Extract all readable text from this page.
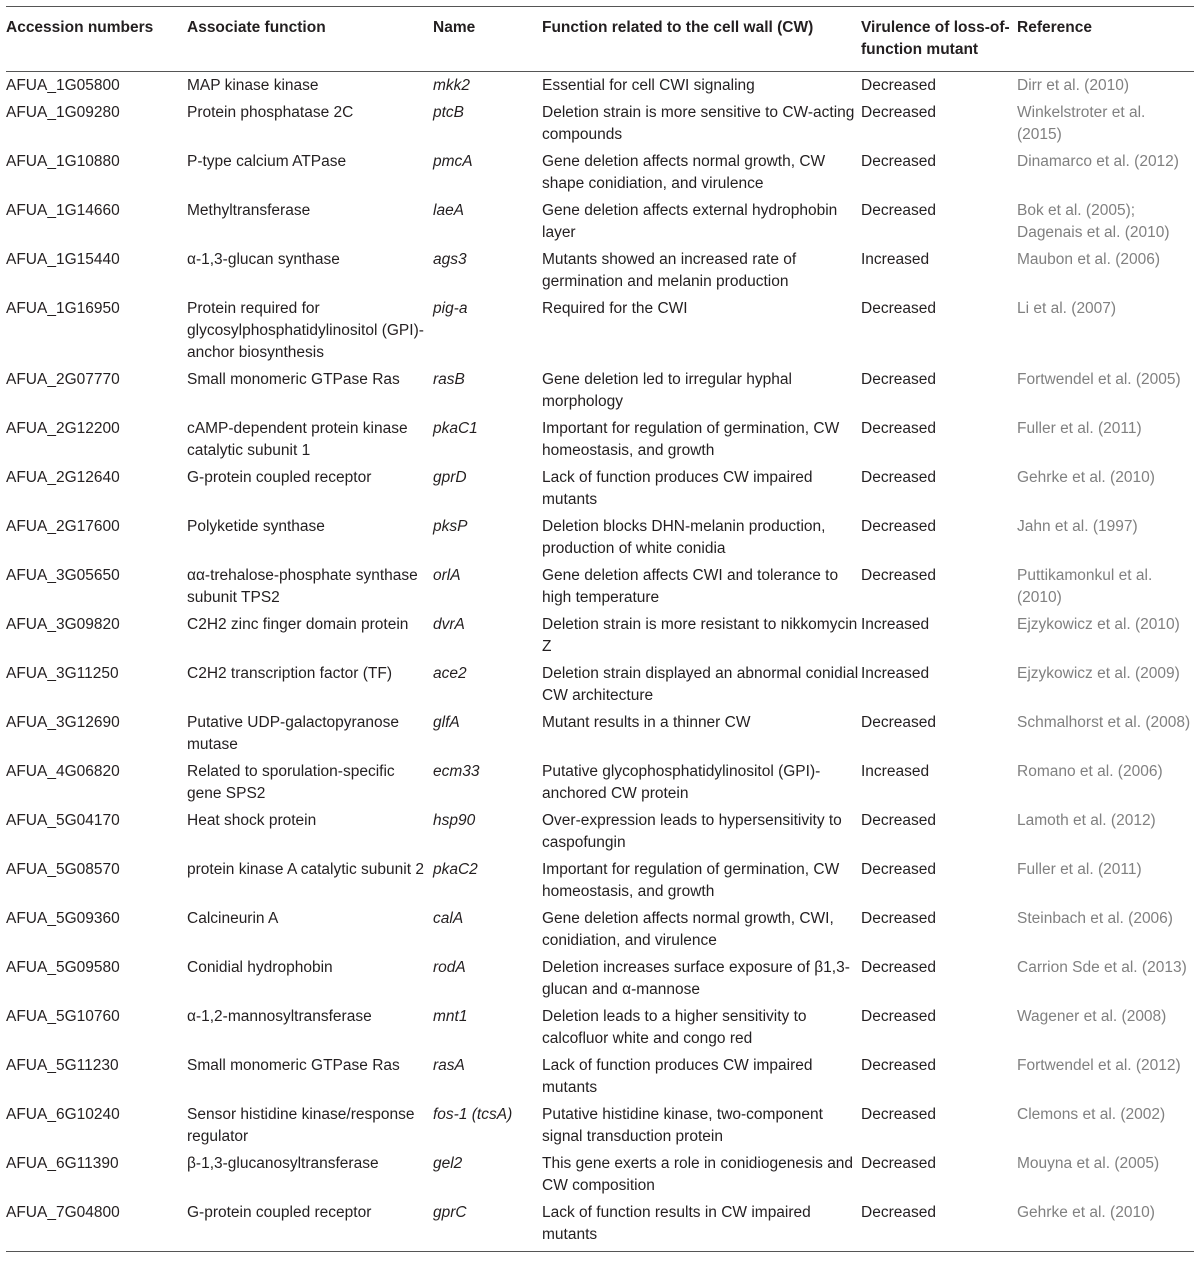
Accession numbers	Associate function	Name	Function related to the cell wall (CW)	Virulence of loss-of-function mutant	Reference
AFUA_1G05800	MAP kinase kinase	mkk2	Essential for cell CWI signaling	Decreased	Dirr et al. (2010)
AFUA_1G09280	Protein phosphatase 2C	ptcB	Deletion strain is more sensitive to CW-acting compounds	Decreased	Winkelstroter et al. (2015)
AFUA_1G10880	P-type calcium ATPase	pmcA	Gene deletion affects normal growth, CW shape conidiation, and virulence	Decreased	Dinamarco et al. (2012)
AFUA_1G14660	Methyltransferase	laeA	Gene deletion affects external hydrophobin layer	Decreased	Bok et al. (2005); Dagenais et al. (2010)
AFUA_1G15440	α-1,3-glucan synthase	ags3	Mutants showed an increased rate of germination and melanin production	Increased	Maubon et al. (2006)
AFUA_1G16950	Protein required for glycosylphosphatidylinositol (GPI)-anchor biosynthesis	pig-a	Required for the CWI	Decreased	Li et al. (2007)
AFUA_2G07770	Small monomeric GTPase Ras	rasB	Gene deletion led to irregular hyphal morphology	Decreased	Fortwendel et al. (2005)
AFUA_2G12200	cAMP-dependent protein kinase catalytic subunit 1	pkaC1	Important for regulation of germination, CW homeostasis, and growth	Decreased	Fuller et al. (2011)
AFUA_2G12640	G-protein coupled receptor	gprD	Lack of function produces CW impaired mutants	Decreased	Gehrke et al. (2010)
AFUA_2G17600	Polyketide synthase	pksP	Deletion blocks DHN-melanin production, production of white conidia	Decreased	Jahn et al. (1997)
AFUA_3G05650	αα-trehalose-phosphate synthase subunit TPS2	orlA	Gene deletion affects CWI and tolerance to high temperature	Decreased	Puttikamonkul et al. (2010)
AFUA_3G09820	C2H2 zinc finger domain protein	dvrA	Deletion strain is more resistant to nikkomycin Z	Increased	Ejzykowicz et al. (2010)
AFUA_3G11250	C2H2 transcription factor (TF)	ace2	Deletion strain displayed an abnormal conidial CW architecture	Increased	Ejzykowicz et al. (2009)
AFUA_3G12690	Putative UDP-galactopyranose mutase	glfA	Mutant results in a thinner CW	Decreased	Schmalhorst et al. (2008)
AFUA_4G06820	Related to sporulation-specific gene SPS2	ecm33	Putative glycophosphatidylinositol (GPI)-anchored CW protein	Increased	Romano et al. (2006)
AFUA_5G04170	Heat shock protein	hsp90	Over-expression leads to hypersensitivity to caspofungin	Decreased	Lamoth et al. (2012)
AFUA_5G08570	protein kinase A catalytic subunit 2	pkaC2	Important for regulation of germination, CW homeostasis, and growth	Decreased	Fuller et al. (2011)
AFUA_5G09360	Calcineurin A	calA	Gene deletion affects normal growth, CWI, conidiation, and virulence	Decreased	Steinbach et al. (2006)
AFUA_5G09580	Conidial hydrophobin	rodA	Deletion increases surface exposure of β1,3-glucan and α-mannose	Decreased	Carrion Sde et al. (2013)
AFUA_5G10760	α-1,2-mannosyltransferase	mnt1	Deletion leads to a higher sensitivity to calcofluor white and congo red	Decreased	Wagener et al. (2008)
AFUA_5G11230	Small monomeric GTPase Ras	rasA	Lack of function produces CW impaired mutants	Decreased	Fortwendel et al. (2012)
AFUA_6G10240	Sensor histidine kinase/response regulator	fos-1 (tcsA)	Putative histidine kinase, two-component signal transduction protein	Decreased	Clemons et al. (2002)
AFUA_6G11390	β-1,3-glucanosyltransferase	gel2	This gene exerts a role in conidiogenesis and CW composition	Decreased	Mouyna et al. (2005)
AFUA_7G04800	G-protein coupled receptor	gprC	Lack of function results in CW impaired mutants	Decreased	Gehrke et al. (2010)
